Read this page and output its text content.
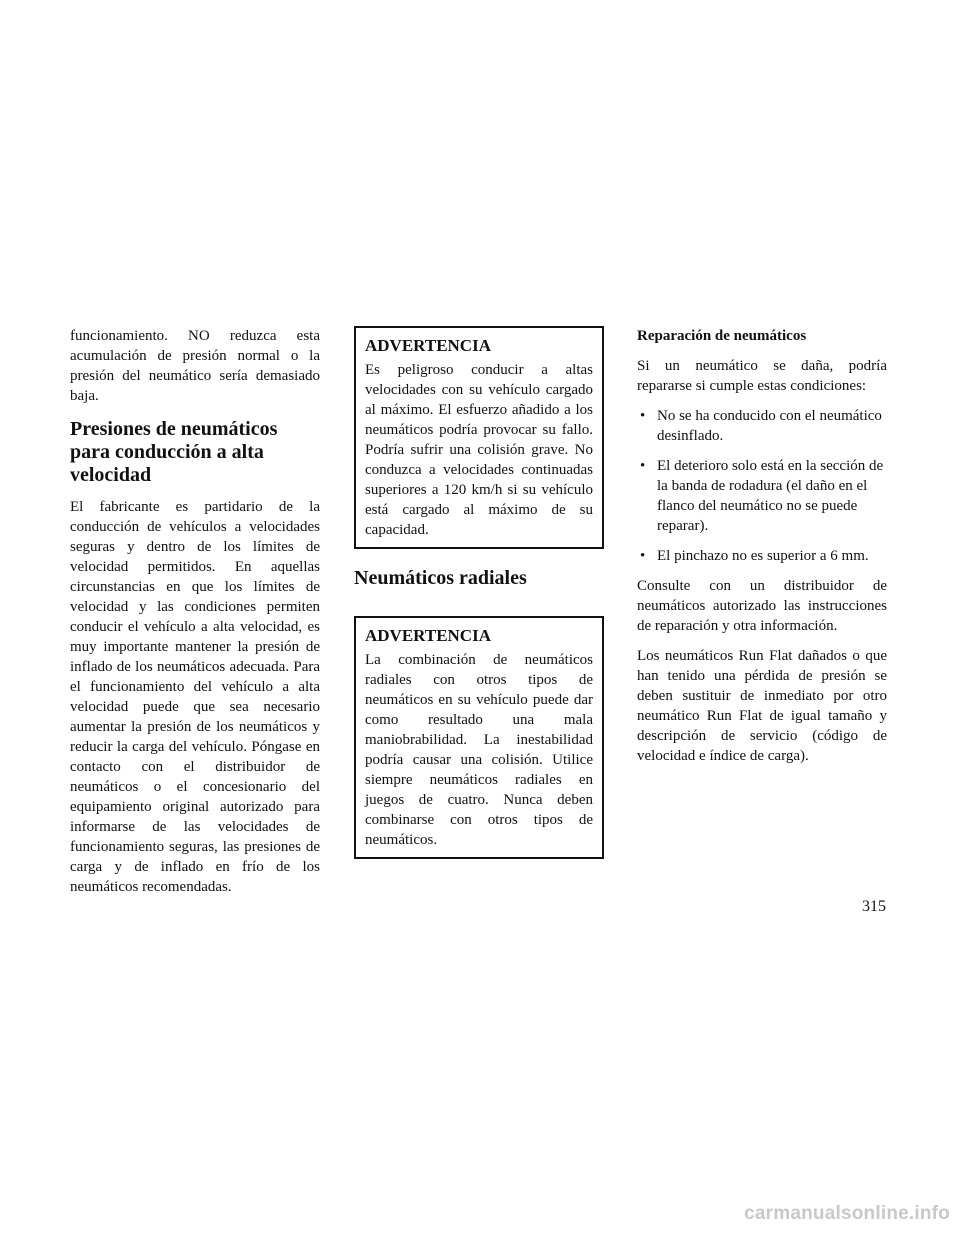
funcionamiento. NO reduzca esta acumulación de presión normal o la presión del neumático sería demasiado baja.

Presiones de neumáticos para conducción a alta velocidad

El fabricante es partidario de la conducción de vehículos a velocidades seguras y dentro de los límites de velocidad permitidos. En aquellas circunstancias en que los límites de velocidad y las condiciones permiten conducir el vehículo a alta velocidad, es muy importante mantener la presión de inflado de los neumáticos adecuada. Para el funcionamiento del vehículo a alta velocidad puede que sea necesario aumentar la presión de los neumáticos y reducir la carga del vehículo. Póngase en contacto con el distribuidor de neumáticos o el concesionario del equipamiento original autorizado para informarse de las velocidades de funcionamiento seguras, las presiones de carga y de inflado en frío de los neumáticos recomendadas.

ADVERTENCIA

Es peligroso conducir a altas velocidades con su vehículo cargado al máximo. El esfuerzo añadido a los neumáticos podría provocar su fallo. Podría sufrir una colisión grave. No conduzca a velocidades continuadas superiores a 120 km/h si su vehículo está cargado al máximo de su capacidad.

Neumáticos radiales
ADVERTENCIA

La combinación de neumáticos radiales con otros tipos de neumáticos en su vehículo puede dar como resultado una mala maniobrabilidad. La inestabilidad podría causar una colisión. Utilice siempre neumáticos radiales en juegos de cuatro. Nunca deben combinarse con otros tipos de neumáticos.

Reparación de neumáticos

Si un neumático se daña, podría repararse si cumple estas condiciones:

• No se ha conducido con el neumático desinflado.
• El deterioro solo está en la sección de la banda de rodadura (el daño en el flanco del neumático no se puede reparar).
• El pinchazo no es superior a 6 mm.

Consulte con un distribuidor de neumáticos autorizado las instrucciones de reparación y otra información.

Los neumáticos Run Flat dañados o que han tenido una pérdida de presión se deben sustituir de inmediato por otro neumático Run Flat de igual tamaño y descripción de servicio (código de velocidad e índice de carga).

315
carmanualsonline.info
